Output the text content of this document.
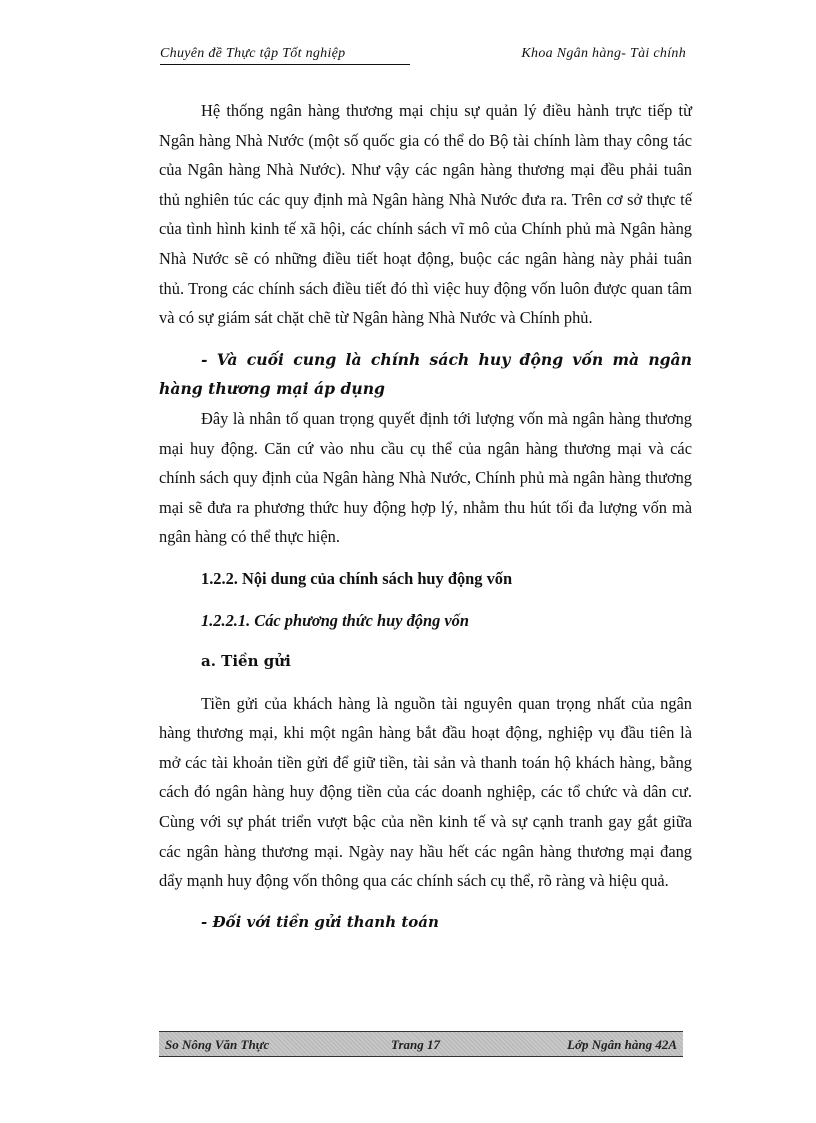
Chuyên đề Thực tập Tốt nghiệp	Khoa Ngân hàng- Tài chính

Hệ thống ngân hàng thương mại chịu sự quản lý điều hành trực tiếp từ Ngân hàng Nhà Nước (một số quốc gia có thể do Bộ tài chính làm thay công tác của Ngân hàng Nhà Nước). Như vậy các ngân hàng thương mại đều phải tuân thủ nghiên túc các quy định mà Ngân hàng Nhà Nước đưa ra. Trên cơ sở thực tế của tình hình kinh tế xã hội, các chính sách vĩ mô của Chính phủ mà Ngân hàng Nhà Nước sẽ có những điều tiết hoạt động, buộc các ngân hàng này phải tuân thủ. Trong các chính sách điều tiết đó thì việc huy động vốn luôn được quan tâm và có sự giám sát chặt chẽ từ Ngân hàng Nhà Nước và Chính phủ.

- Và cuối cung là chính sách huy động vốn mà ngân hàng thương mại áp dụng

Đây là nhân tố quan trọng quyết định tới lượng vốn mà ngân hàng thương mại huy động. Căn cứ vào nhu cầu cụ thể của ngân hàng thương mại và các chính sách quy định của Ngân hàng Nhà Nước, Chính phủ mà ngân hàng thương mại sẽ đưa ra phương thức huy động hợp lý, nhằm thu hút tối đa lượng vốn mà ngân hàng có thể thực hiện.

1.2.2. Nội dung của chính sách huy động vốn

1.2.2.1. Các phương thức huy động vốn

a. Tiền gửi

Tiền gửi của khách hàng là nguồn tài nguyên quan trọng nhất của ngân hàng thương mại, khi một ngân hàng bắt đầu hoạt động, nghiệp vụ đầu tiên là mở các tài khoản tiền gửi để giữ tiền, tài sản và thanh toán hộ khách hàng, bằng cách đó ngân hàng huy động tiền của các doanh nghiệp, các tổ chức và dân cư. Cùng với sự phát triển vượt bậc của nền kinh tế và sự cạnh tranh gay gắt giữa các ngân hàng thương mại. Ngày nay hầu hết các ngân hàng thương mại đang dẩy mạnh huy động vốn thông qua các chính sách cụ thể, rõ ràng và hiệu quả.

- Đối với tiền gửi thanh toán

So Nông Văn Thực	Trang 17	Lớp Ngân hàng 42A
